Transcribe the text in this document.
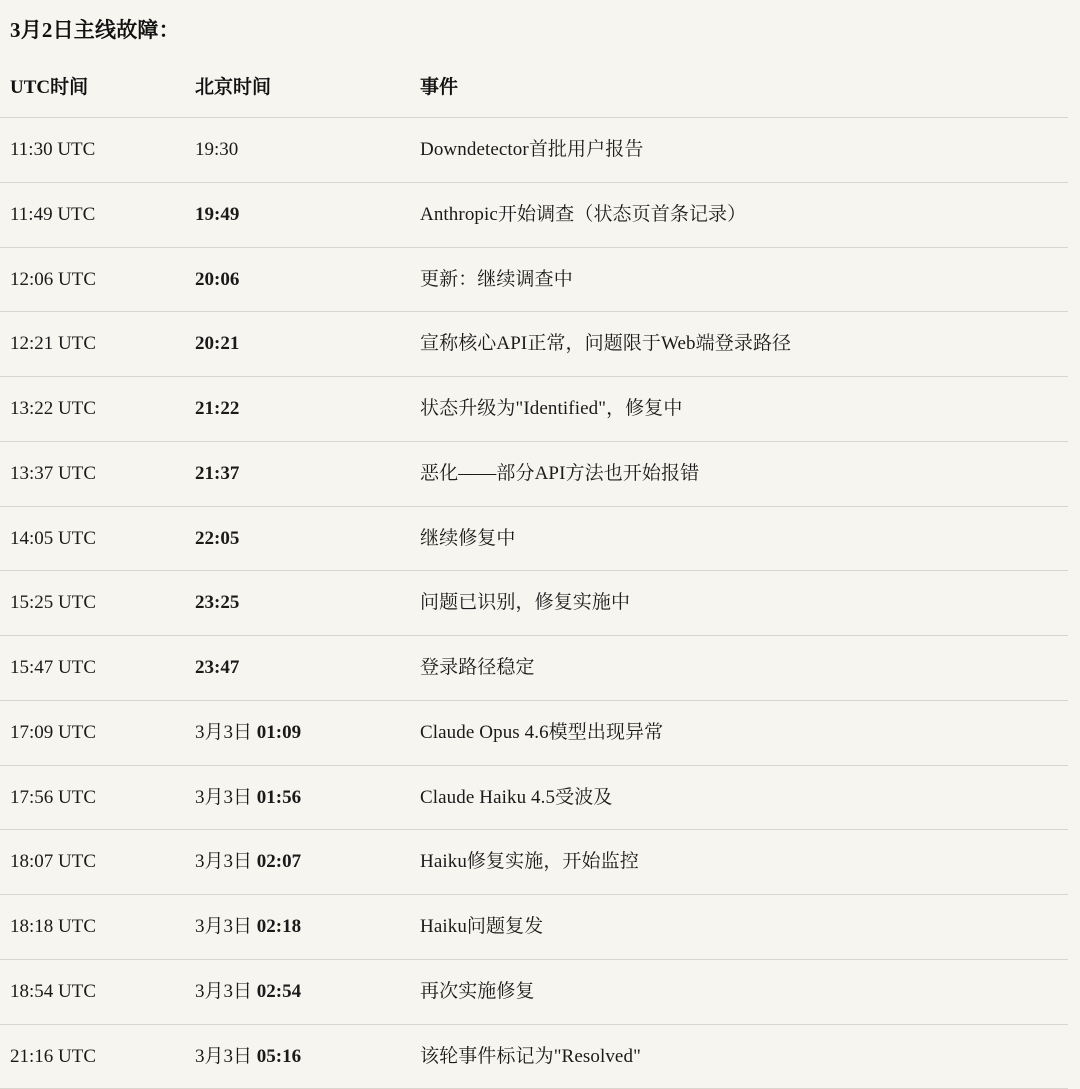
3月2日主线故障：
UTC时间	北京时间	事件
11:30 UTC	19:30	Downdetector首批用户报告
11:49 UTC	19:49	Anthropic开始调查（状态页首条记录）
12:06 UTC	20:06	更新：继续调查中
12:21 UTC	20:21	宣称核心API正常，问题限于Web端登录路径
13:22 UTC	21:22	状态升级为"Identified"，修复中
13:37 UTC	21:37	恶化——部分API方法也开始报错
14:05 UTC	22:05	继续修复中
15:25 UTC	23:25	问题已识别，修复实施中
15:47 UTC	23:47	登录路径稳定
17:09 UTC	3月3日 01:09	Claude Opus 4.6模型出现异常
17:56 UTC	3月3日 01:56	Claude Haiku 4.5受波及
18:07 UTC	3月3日 02:07	Haiku修复实施，开始监控
18:18 UTC	3月3日 02:18	Haiku问题复发
18:54 UTC	3月3日 02:54	再次实施修复
21:16 UTC	3月3日 05:16	该轮事件标记为"Resolved"
